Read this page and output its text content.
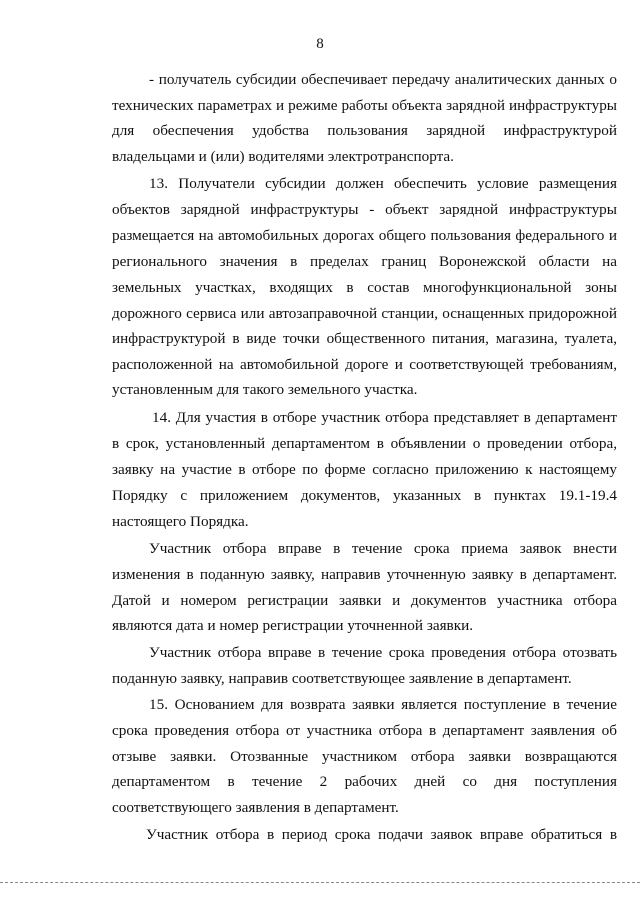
8
- получатель субсидии обеспечивает передачу аналитических данных о
технических параметрах и режиме работы объекта зарядной инфраструктуры
для обеспечения удобства пользования зарядной инфраструктурой
владельцами и (или) водителями электротранспорта.
13. Получатели субсидии должен обеспечить условие размещения
объектов зарядной инфраструктуры - объект зарядной инфраструктуры
размещается на автомобильных дорогах общего пользования федерального и
регионального значения в пределах границ Воронежской области на
земельных участках, входящих в состав многофункциональной зоны
дорожного сервиса или автозаправочной станции, оснащенных придорожной
инфраструктурой в виде точки общественного питания, магазина, туалета,
расположенной на автомобильной дороге и соответствующей требованиям,
установленным для такого земельного участка.
14. Для участия в отборе участник отбора представляет в департамент
в срок, установленный департаментом в объявлении о проведении отбора,
заявку на участие в отборе по форме согласно приложению к настоящему
Порядку с приложением документов, указанных в пунктах 19.1-19.4
настоящего Порядка.
Участник отбора вправе в течение срока приема заявок внести
изменения в поданную заявку, направив уточненную заявку в департамент.
Датой и номером регистрации заявки и документов участника отбора
являются дата и номер регистрации уточненной заявки.
Участник отбора вправе в течение срока проведения отбора отозвать
поданную заявку, направив соответствующее заявление в департамент.
15. Основанием для возврата заявки является поступление в течение
срока проведения отбора от участника отбора в департамент заявления об
отзыве заявки. Отозванные участником отбора заявки возвращаются
департаментом в течение 2 рабочих дней со дня поступления
соответствующего заявления в департамент.
Участник отбора в период срока подачи заявок вправе обратиться в
